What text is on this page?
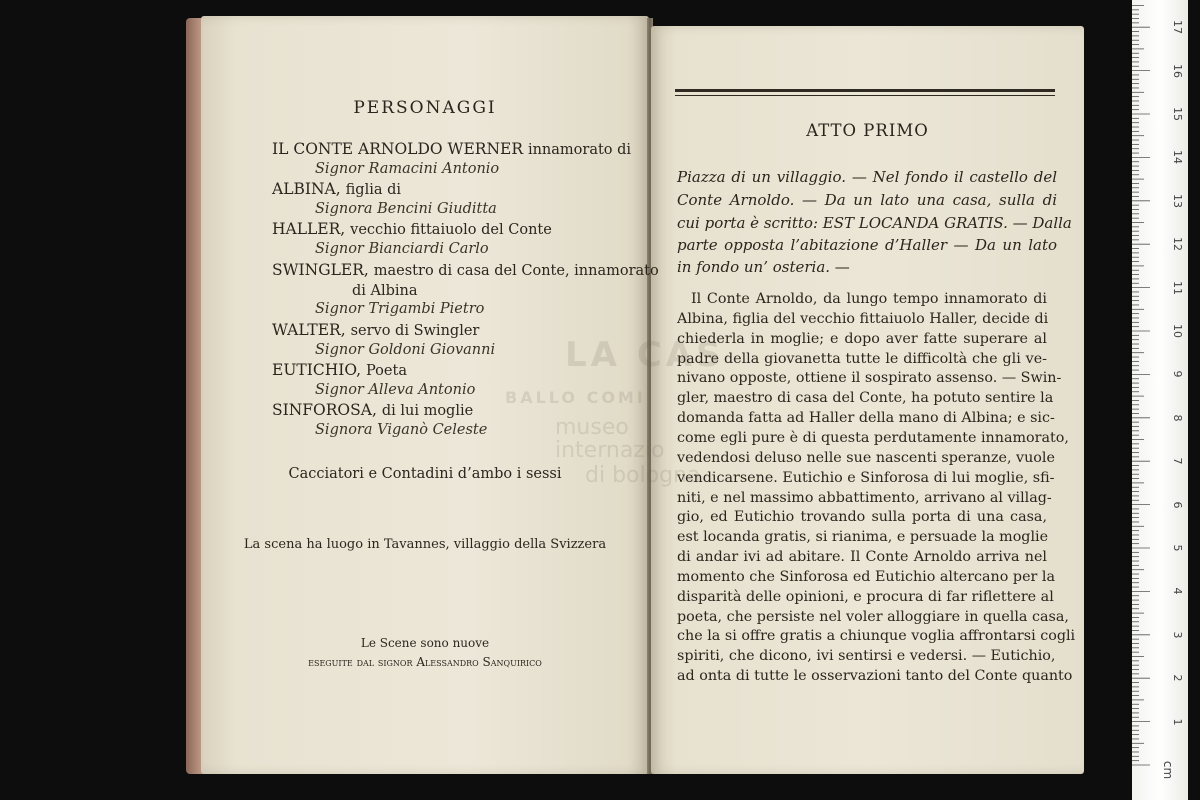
PERSONAGGI
IL CONTE ARNOLDO WERNER innamorato di
Signor Ramacini Antonio
ALBINA, figlia di
Signora Bencini Giuditta
HALLER, vecchio fittaiuolo del Conte
Signor Bianciardi Carlo
SWINGLER, maestro di casa del Conte, innamorato
di Albina
Signor Trigambi Pietro
WALTER, servo di Swingler
Signor Goldoni Giovanni
EUTICHIO, Poeta
Signor Alleva Antonio
SINFOROSA, di lui moglie
Signora Viganò Celeste
Cacciatori e Contadini d’ambo i sessi
La scena ha luogo in Tavannes, villaggio della Svizzera
Le Scene sono nuove
eseguite dal signor Alessandro Sanquirico
ATTO PRIMO
Piazza di un villaggio. — Nel fondo il castello del
Conte Arnoldo. — Da un lato una casa, sulla di
cui porta è scritto: EST LOCANDA GRATIS. — Dalla
parte opposta l’abitazione d’Haller — Da un lato
in fondo un’ osteria. —
Il Conte Arnoldo, da lungo tempo innamorato di
Albina, figlia del vecchio fittaiuolo Haller, decide di
chiederla in moglie; e dopo aver fatte superare al
padre della giovanetta tutte le difficoltà che gli ve-
nivano opposte, ottiene il sospirato assenso. — Swin-
gler, maestro di casa del Conte, ha potuto sentire la
domanda fatta ad Haller della mano di Albina; e sic-
come egli pure è di questa perdutamente innamorato,
vedendosi deluso nelle sue nascenti speranze, vuole
vendicarsene. Eutichio e Sinforosa di lui moglie, sfi-
niti, e nel massimo abbattimento, arrivano al villag-
gio, ed Eutichio trovando sulla porta di una casa,
est locanda gratis, si rianima, e persuade la moglie
di andar ivi ad abitare. Il Conte Arnoldo arriva nel
momento che Sinforosa ed Eutichio altercano per la
disparità delle opinioni, e procura di far riflettere al
poeta, che persiste nel voler alloggiare in quella casa,
che la si offre gratis a chiunque voglia affrontarsi cogli
spiriti, che dicono, ivi sentirsi e vedersi. — Eutichio,
ad onta di tutte le osservazioni tanto del Conte quanto
1
2
3
4
5
6
7
8
9
10
11
12
13
14
15
16
17
cm
